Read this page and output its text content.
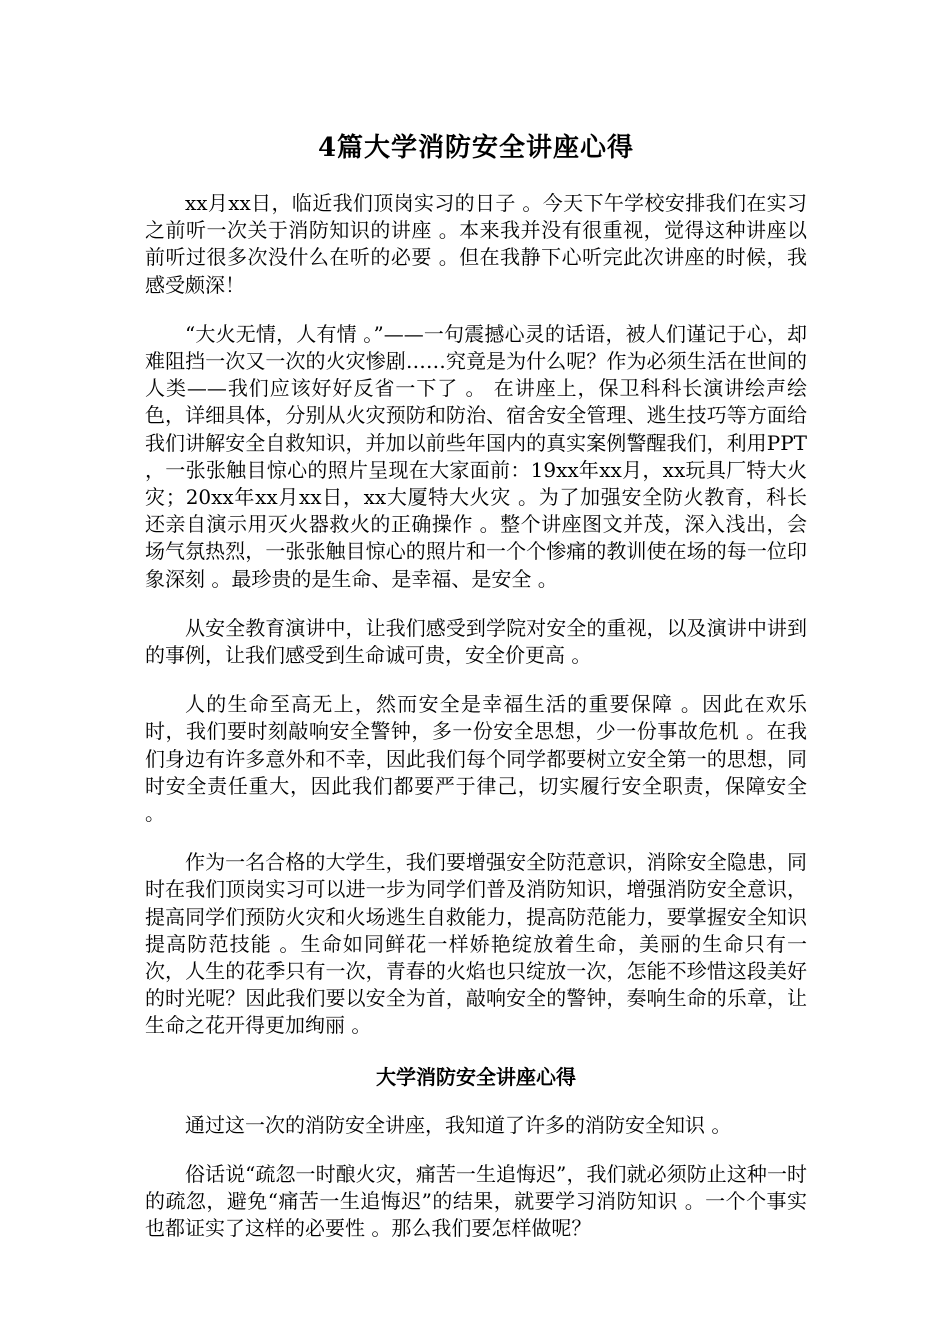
4篇大学消防安全讲座心得

xx月xx日，临近我们顶岗实习的日子 。今天下午学校安排我们在实习之前听一次关于消防知识的讲座 。本来我并没有很重视，觉得这种讲座以前听过很多次没什么在听的必要 。但在我静下心听完此次讲座的时候，我感受颇深！

“大火无情，人有情 。”——一句震撼心灵的话语，被人们谨记于心，却难阻挡一次又一次的火灾惨剧……究竟是为什么呢？作为必须生活在世间的人类——我们应该好好反省一下了 。 在讲座上，保卫科科长演讲绘声绘色，详细具体，分别从火灾预防和防治、宿舍安全管理、逃生技巧等方面给我们讲解安全自救知识，并加以前些年国内的真实案例警醒我们，利用PPT ，一张张触目惊心的照片呈现在大家面前：19xx年xx月，xx玩具厂特大火灾；20xx年xx月xx日，xx大厦特大火灾 。为了加强安全防火教育，科长还亲自演示用灭火器救火的正确操作 。整个讲座图文并茂，深入浅出，会场气氛热烈，一张张触目惊心的照片和一个个惨痛的教训使在场的每一位印象深刻 。最珍贵的是生命、是幸福、是安全 。

从安全教育演讲中，让我们感受到学院对安全的重视，以及演讲中讲到的事例，让我们感受到生命诚可贵，安全价更高 。

人的生命至高无上，然而安全是幸福生活的重要保障 。因此在欢乐时，我们要时刻敲响安全警钟，多一份安全思想，少一份事故危机 。在我们身边有许多意外和不幸，因此我们每个同学都要树立安全第一的思想，同时安全责任重大，因此我们都要严于律己，切实履行安全职责，保障安全 。

作为一名合格的大学生，我们要增强安全防范意识，消除安全隐患，同时在我们顶岗实习可以进一步为同学们普及消防知识，增强消防安全意识，提高同学们预防火灾和火场逃生自救能力，提高防范能力，要掌握安全知识提高防范技能 。生命如同鲜花一样娇艳绽放着生命，美丽的生命只有一次，人生的花季只有一次，青春的火焰也只绽放一次，怎能不珍惜这段美好的时光呢？因此我们要以安全为首，敲响安全的警钟，奏响生命的乐章，让生命之花开得更加绚丽 。

大学消防安全讲座心得

通过这一次的消防安全讲座，我知道了许多的消防安全知识 。

俗话说“疏忽一时酿火灾，痛苦一生追悔迟”，我们就必须防止这种一时的疏忽，避免“痛苦一生追悔迟”的结果，就要学习消防知识 。一个个事实也都证实了这样的必要性 。那么我们要怎样做呢？
